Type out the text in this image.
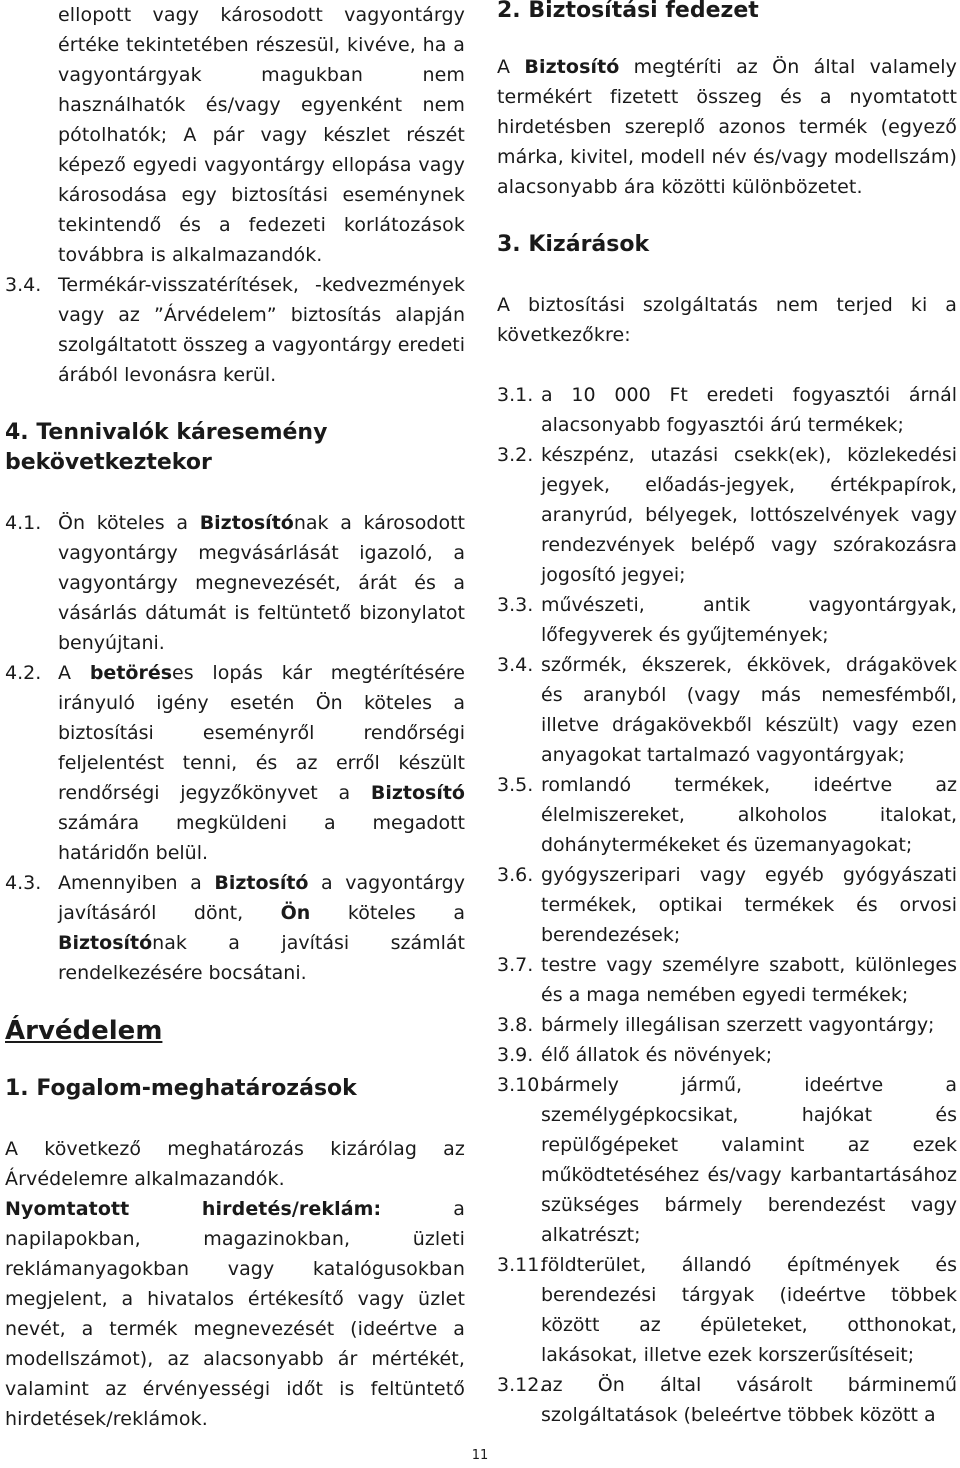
ellopott vagy károsodott vagyontárgy értéke tekintetében részesül, kivéve, ha a vagyontárgyak magukban nem használhatók és/vagy egyenként nem pótolhatók; A pár vagy készlet részét képező egyedi vagyontárgy ellopása vagy károsodása egy biztosítási eseménynek tekintendő és a fedezeti korlátozások továbbra is alkalmazandók.

3.4. Termékár-visszatérítések, -kedvezmények vagy az ”Árvédelem” biztosítás alapján szolgáltatott összeg a vagyontárgy eredeti árából levonásra kerül.

4. Tennivalók káresemény bekövetkeztekor

4.1. Ön köteles a Biztosítónak a károsodott vagyontárgy megvásárlását igazoló, a vagyontárgy megnevezését, árát és a vásárlás dátumát is feltüntető bizonylatot benyújtani.
4.2. A betöréses lopás kár megtérítésére irányuló igény esetén Ön köteles a biztosítási eseményről rendőrségi feljelentést tenni, és az erről készült rendőrségi jegyzőkönyvet a Biztosító számára megküldeni a megadott határidőn belül.
4.3. Amennyiben a Biztosító a vagyontárgy javításáról dönt, Ön köteles a Biztosítónak a javítási számlát rendelkezésére bocsátani.

Árvédelem

1. Fogalom-meghatározások

A következő meghatározás kizárólag az Árvédelemre alkalmazandók.

Nyomtatott hirdetés/reklám: a napilapokban, magazinokban, üzleti reklámanyagokban vagy katalógusokban megjelent, a hivatalos értékesítő vagy üzlet nevét, a termék megnevezését (ideértve a modellszámot), az alacsonyabb ár mértékét, valamint az érvényességi időt is feltüntető hirdetések/reklámok.

2. Biztosítási fedezet

A Biztosító megtéríti az Ön által valamely termékért fizetett összeg és a nyomtatott hirdetésben szereplő azonos termék (egyező márka, kivitel, modell név és/vagy modellszám) alacsonyabb ára közötti különbözetet.

3. Kizárások

A biztosítási szolgáltatás nem terjed ki a következőkre:

3.1. a 10 000 Ft eredeti fogyasztói árnál alacsonyabb fogyasztói árú termékek;
3.2. készpénz, utazási csekk(ek), közlekedési jegyek, előadás-jegyek, értékpapírok, aranyrúd, bélyegek, lottószelvények vagy rendezvények belépő vagy szórakozásra jogosító jegyei;
3.3. művészeti, antik vagyontárgyak, lőfegyverek és gyűjtemények;
3.4. szőrmék, ékszerek, ékkövek, drágakövek és aranyból (vagy más nemesfémből, illetve drágakövekből készült) vagy ezen anyagokat tartalmazó vagyontárgyak;
3.5. romlandó termékek, ideértve az élelmiszereket, alkoholos italokat, dohánytermékeket és üzemanyagokat;
3.6. gyógyszeripari vagy egyéb gyógyászati termékek, optikai termékek és orvosi berendezések;
3.7. testre vagy személyre szabott, különleges és a maga nemében egyedi termékek;
3.8. bármely illegálisan szerzett vagyontárgy;
3.9. élő állatok és növények;
3.10.
bármely jármű, ideértve a személygépkocsikat, hajókat és repülőgépeket valamint az ezek működtetéséhez és/vagy karbantartásához szükséges bármely berendezést vagy alkatrészt;
3.11.
földterület, állandó építmények és berendezési tárgyak (ideértve többek között az épületeket, otthonokat, lakásokat, illetve ezek korszerűsítéseit;
3.12.
az Ön által vásárolt bárminemű szolgáltatások (beleértve többek között a
11
